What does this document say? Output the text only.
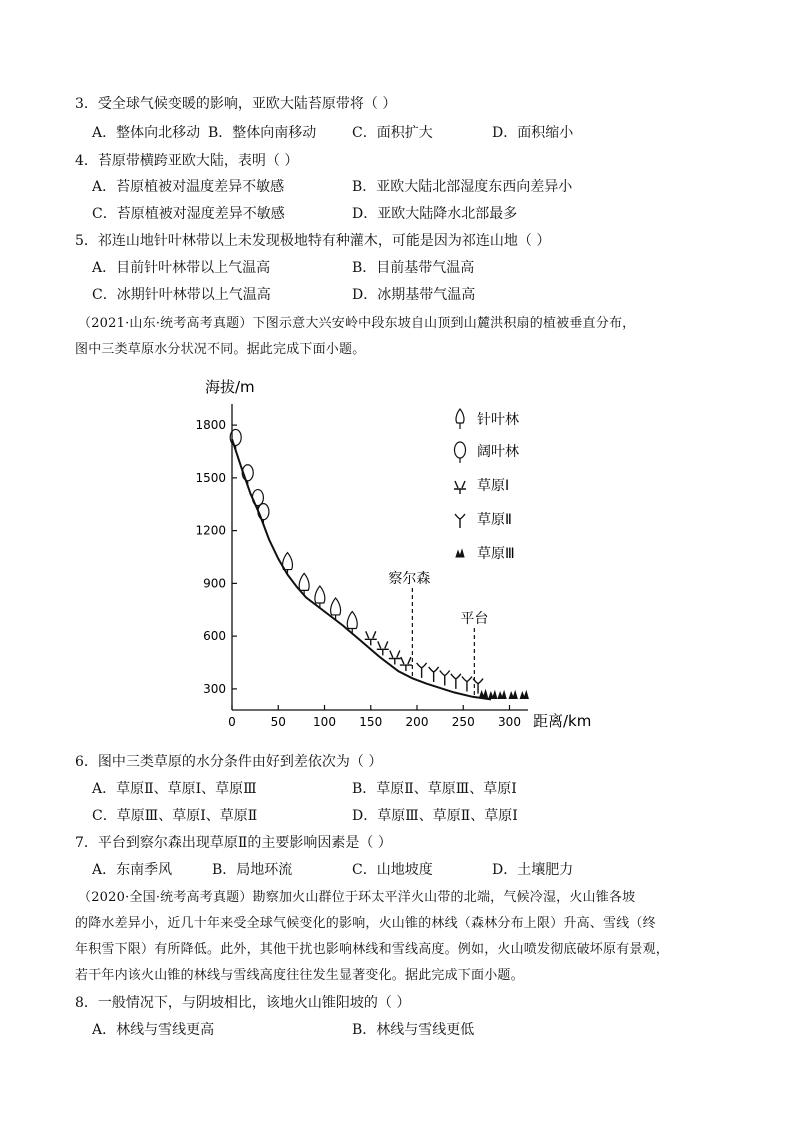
3．受全球气候变暖的影响，亚欧大陆苔原带将（ ）
A．整体向北移动 B．整体向南移动	C．面积扩大	D．面积缩小
4．苔原带横跨亚欧大陆，表明（ ）
A．苔原植被对温度差异不敏感	B．亚欧大陆北部湿度东西向差异小
C．苔原植被对湿度差异不敏感	D．亚欧大陆降水北部最多
5．祁连山地针叶林带以上未发现极地特有种灌木，可能是因为祁连山地（ ）
A．目前针叶林带以上气温高	B．目前基带气温高
C．冰期针叶林带以上气温高	D．冰期基带气温高
（2021·山东·统考高考真题）下图示意大兴安岭中段东坡自山顶到山麓洪积扇的植被垂直分布，
图中三类草原水分状况不同。据此完成下面小题。
海拔/m
距离/km
300
600
900
1200
1500
1800
0	50 100 150 200 250 300
察尔森
平台
针叶林
阔叶林
草原Ⅰ
草原Ⅱ
草原Ⅲ
6．图中三类草原的水分条件由好到差依次为（ ）
A．草原Ⅱ、草原Ⅰ、草原Ⅲ	B．草原Ⅱ、草原Ⅲ、草原Ⅰ
C．草原Ⅲ、草原Ⅰ、草原Ⅱ	D．草原Ⅲ、草原Ⅱ、草原Ⅰ
7．平台到察尔森出现草原Ⅱ的主要影响因素是（ ）
A．东南季风	B．局地环流	C．山地坡度	D．土壤肥力
（2020·全国·统考高考真题）勘察加火山群位于环太平洋火山带的北端，气候冷湿，火山锥各坡
的降水差异小，近几十年来受全球气候变化的影响，火山锥的林线（森林分布上限）升高、雪线（终
年积雪下限）有所降低。此外，其他干扰也影响林线和雪线高度。例如，火山喷发彻底破坏原有景观，
若干年内该火山锥的林线与雪线高度往往发生显著变化。据此完成下面小题。
8．一般情况下，与阴坡相比，该地火山锥阳坡的（ ）
A．林线与雪线更高	B．林线与雪线更低
